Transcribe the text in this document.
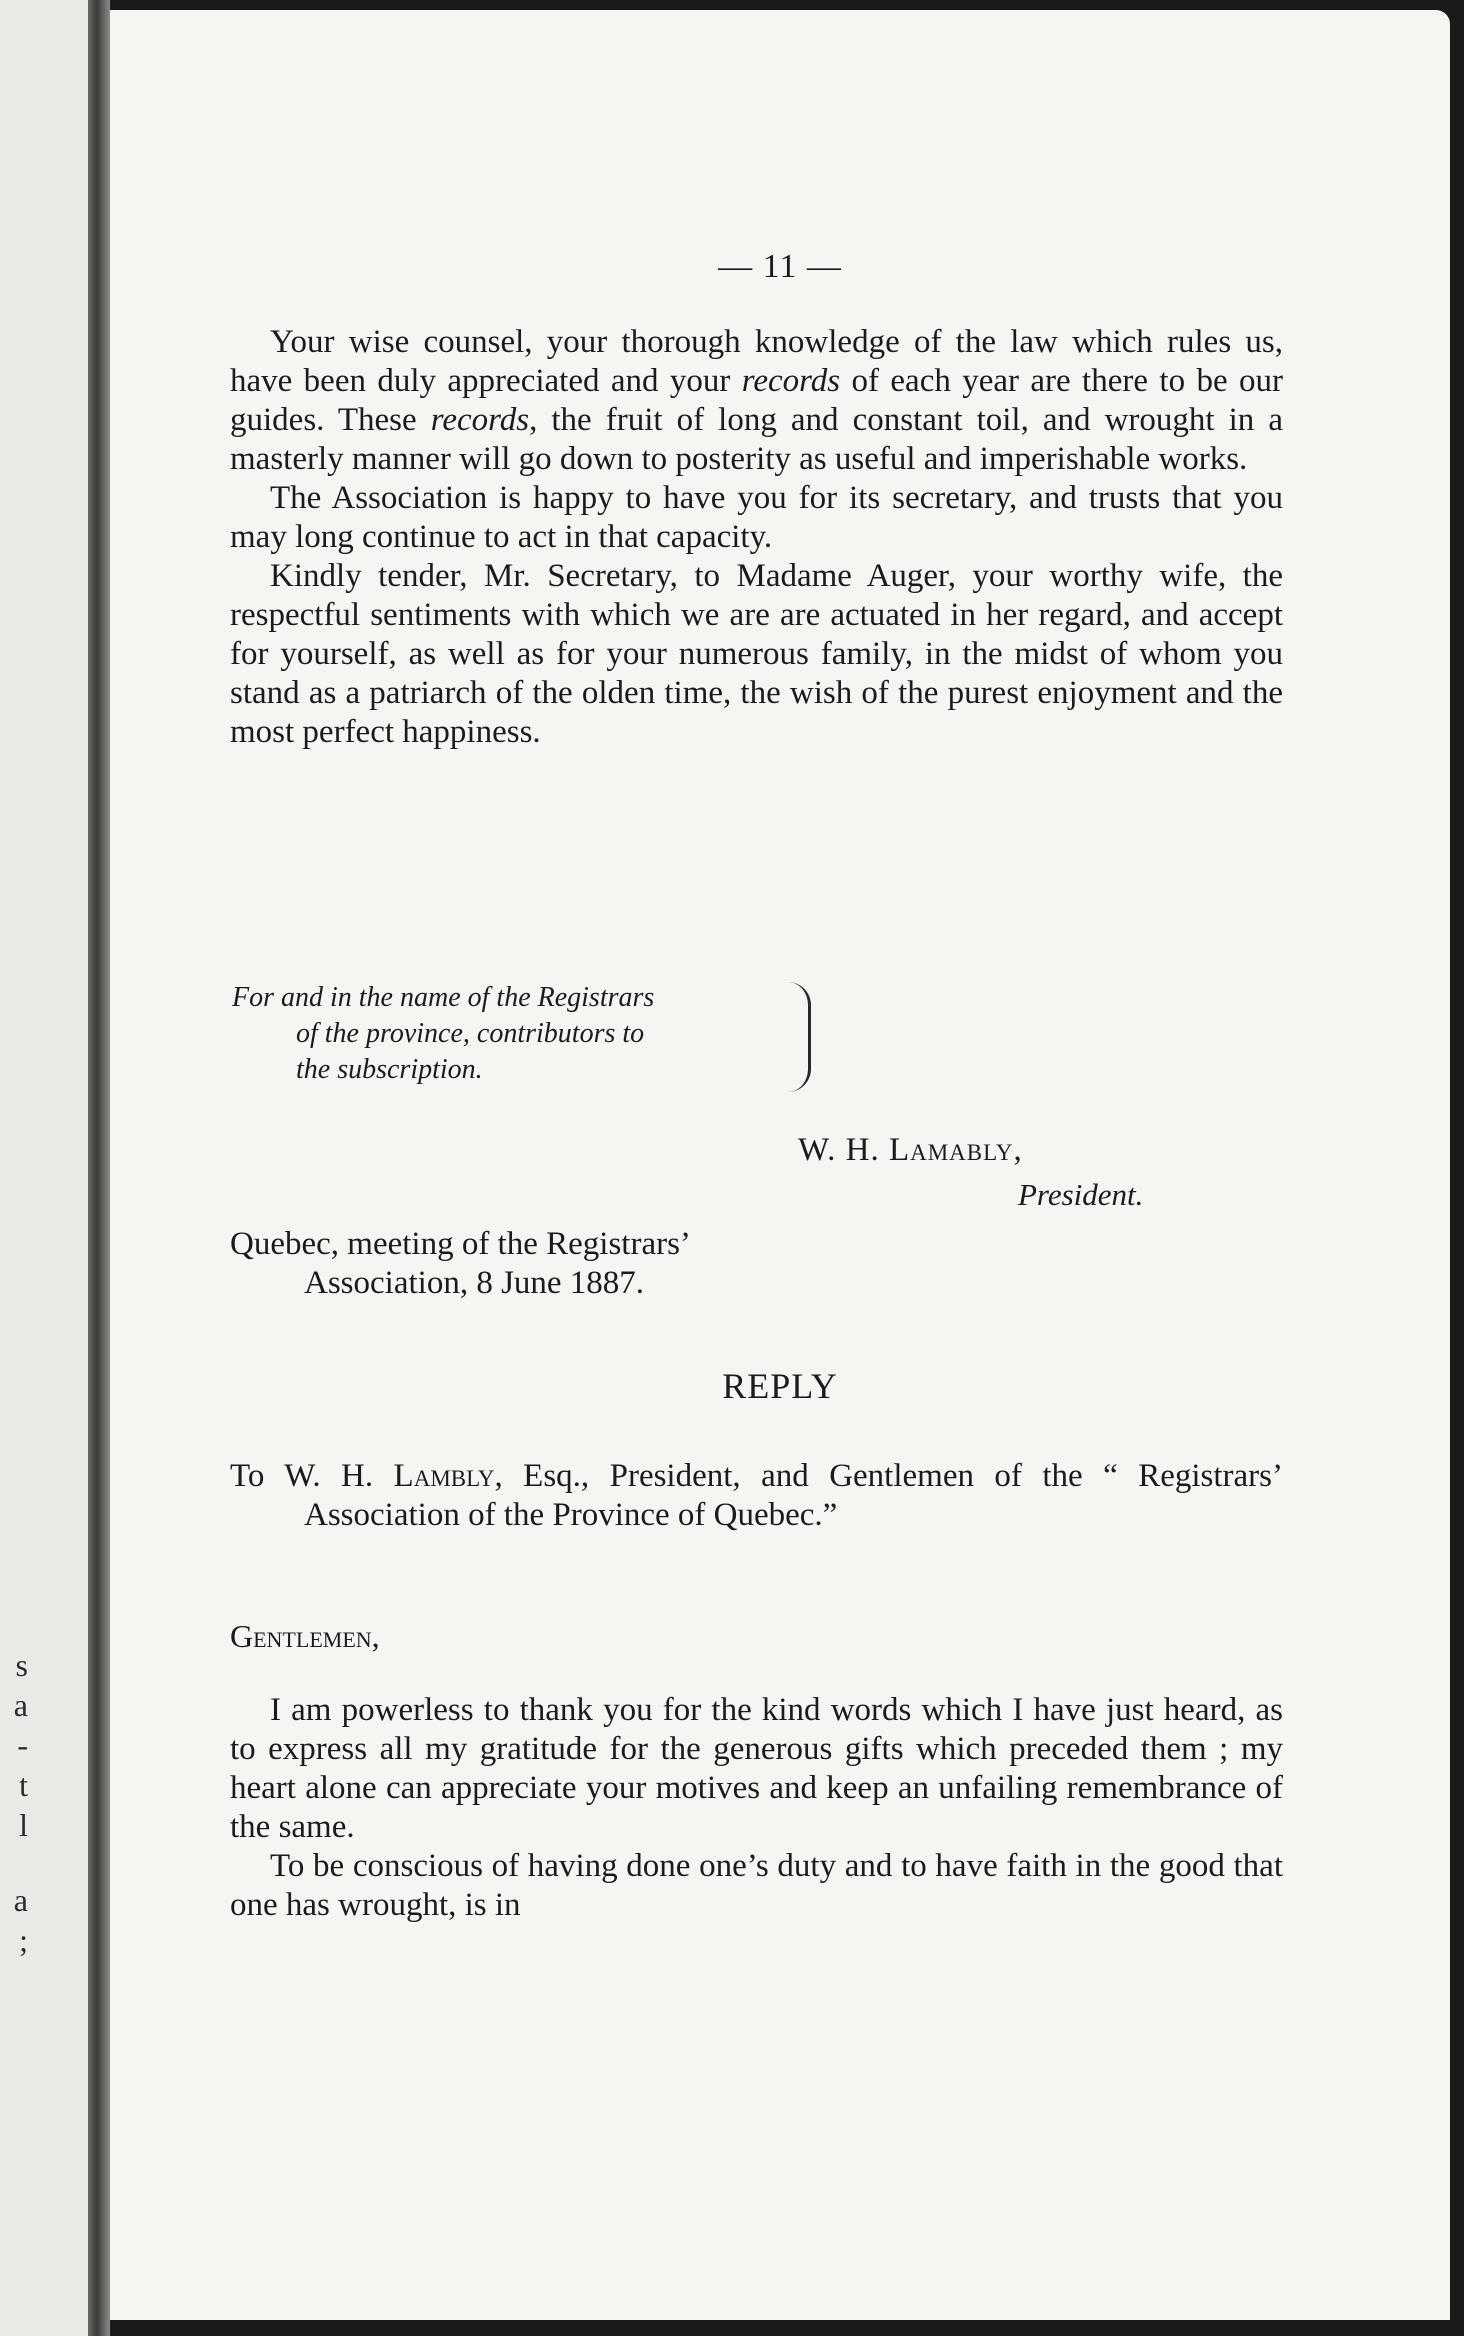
s
a
-
t
l
a
;
— 11 —

Your wise counsel, your thorough knowledge of the law which rules us, have been duly appreciated and your records of each year are there to be our guides. These records, the fruit of long and constant toil, and wrought in a masterly manner will go down to posterity as useful and imperishable works.

The Association is happy to have you for its secretary, and trusts that you may long continue to act in that capacity.

Kindly tender, Mr. Secretary, to Madame Auger, your worthy wife, the respectful sentiments with which we are are actuated in her regard, and accept for yourself, as well as for your numerous family, in the midst of whom you stand as a patriarch of the olden time, the wish of the purest enjoyment and the most perfect happiness.

For and in the name of the Registrars
of the province, contributors to
the subscription.
W. H. Lamably,
President.
Quebec, meeting of the Registrars’
Association, 8 June 1887.
REPLY

To W. H. Lambly, Esq., President, and Gentlemen of the “ Registrars’ Association of the Province of Quebec.”

Gentlemen,

I am powerless to thank you for the kind words which I have just heard, as to express all my gratitude for the generous gifts which preceded them ; my heart alone can appreciate your motives and keep an unfailing remembrance of the same.

To be conscious of having done one’s duty and to have faith in the good that one has wrought, is in
